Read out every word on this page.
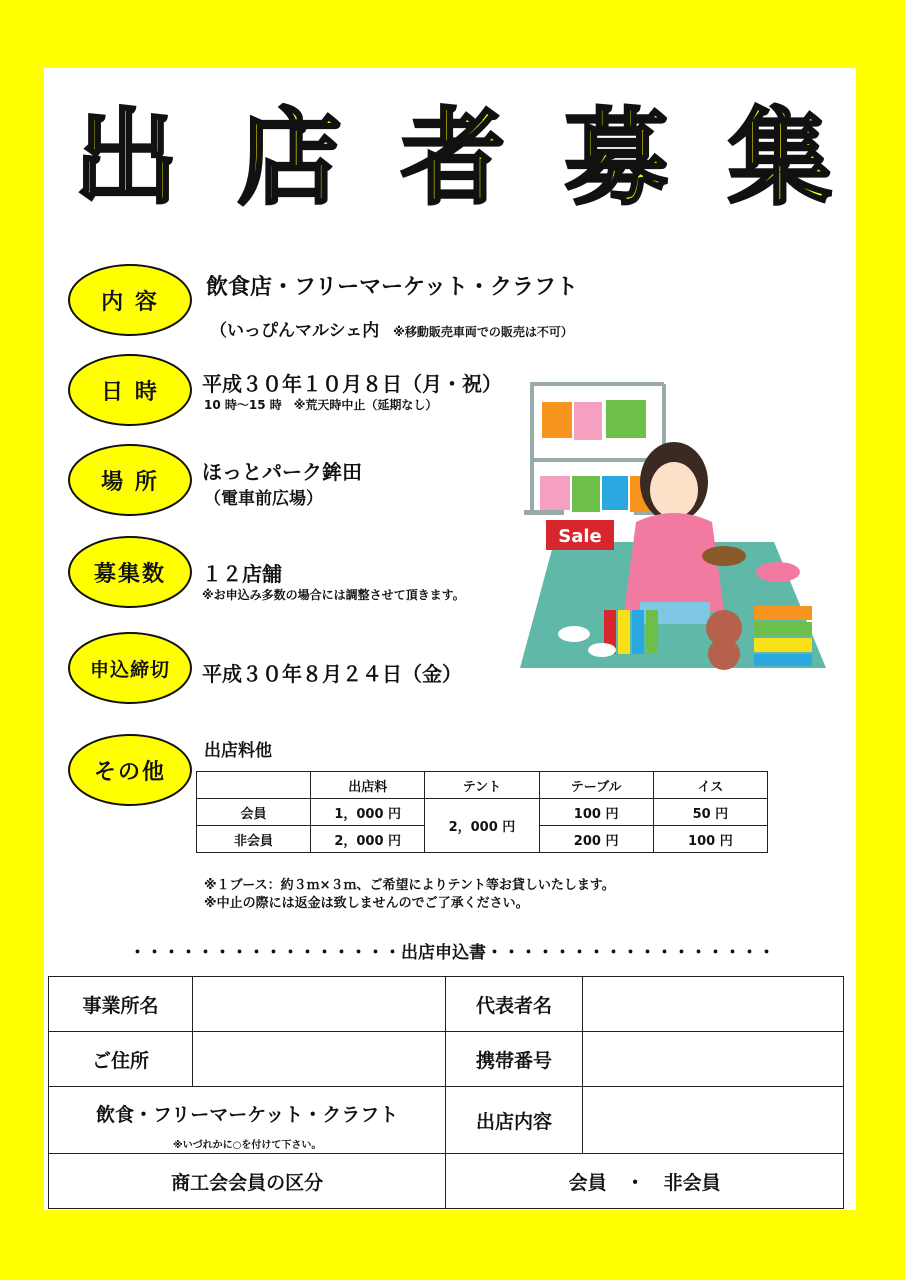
出 店 者 募 集
内 容
飲食店・フリーマーケット・クラフト
（いっぴんマルシェ内 ※移動販売車両での販売は不可）
日 時	平成３０年１０月８日（月・祝）
10 時〜15 時　※荒天時中止（延期なし）
場 所	ほっとパーク鉾田
（電車前広場）
募集数	１２店舗
※お申込み多数の場合には調整させて頂きます。
申込締切	平成３０年８月２４日（金）
その他
出店料他
	出店料	テント	テーブル	イス
会員	1，000 円	2，000 円	100 円	50 円
非会員	2，000 円		200 円	100 円
※１ブース：約３ｍ×３ｍ、ご希望によりテント等お貸しいたします。
※中止の際には返金は致しませんのでご了承ください。
Sale
・・・・・・・・・・・・・・・・出店申込書・・・・・・・・・・・・・・・・・
事業所名		代表者名	
ご住所		携帯番号	

飲食・フリーマーケット・クラフト
※いづれかに○を付けて下さい。		出店内容	
商工会会員の区分		会員　・　非会員	
